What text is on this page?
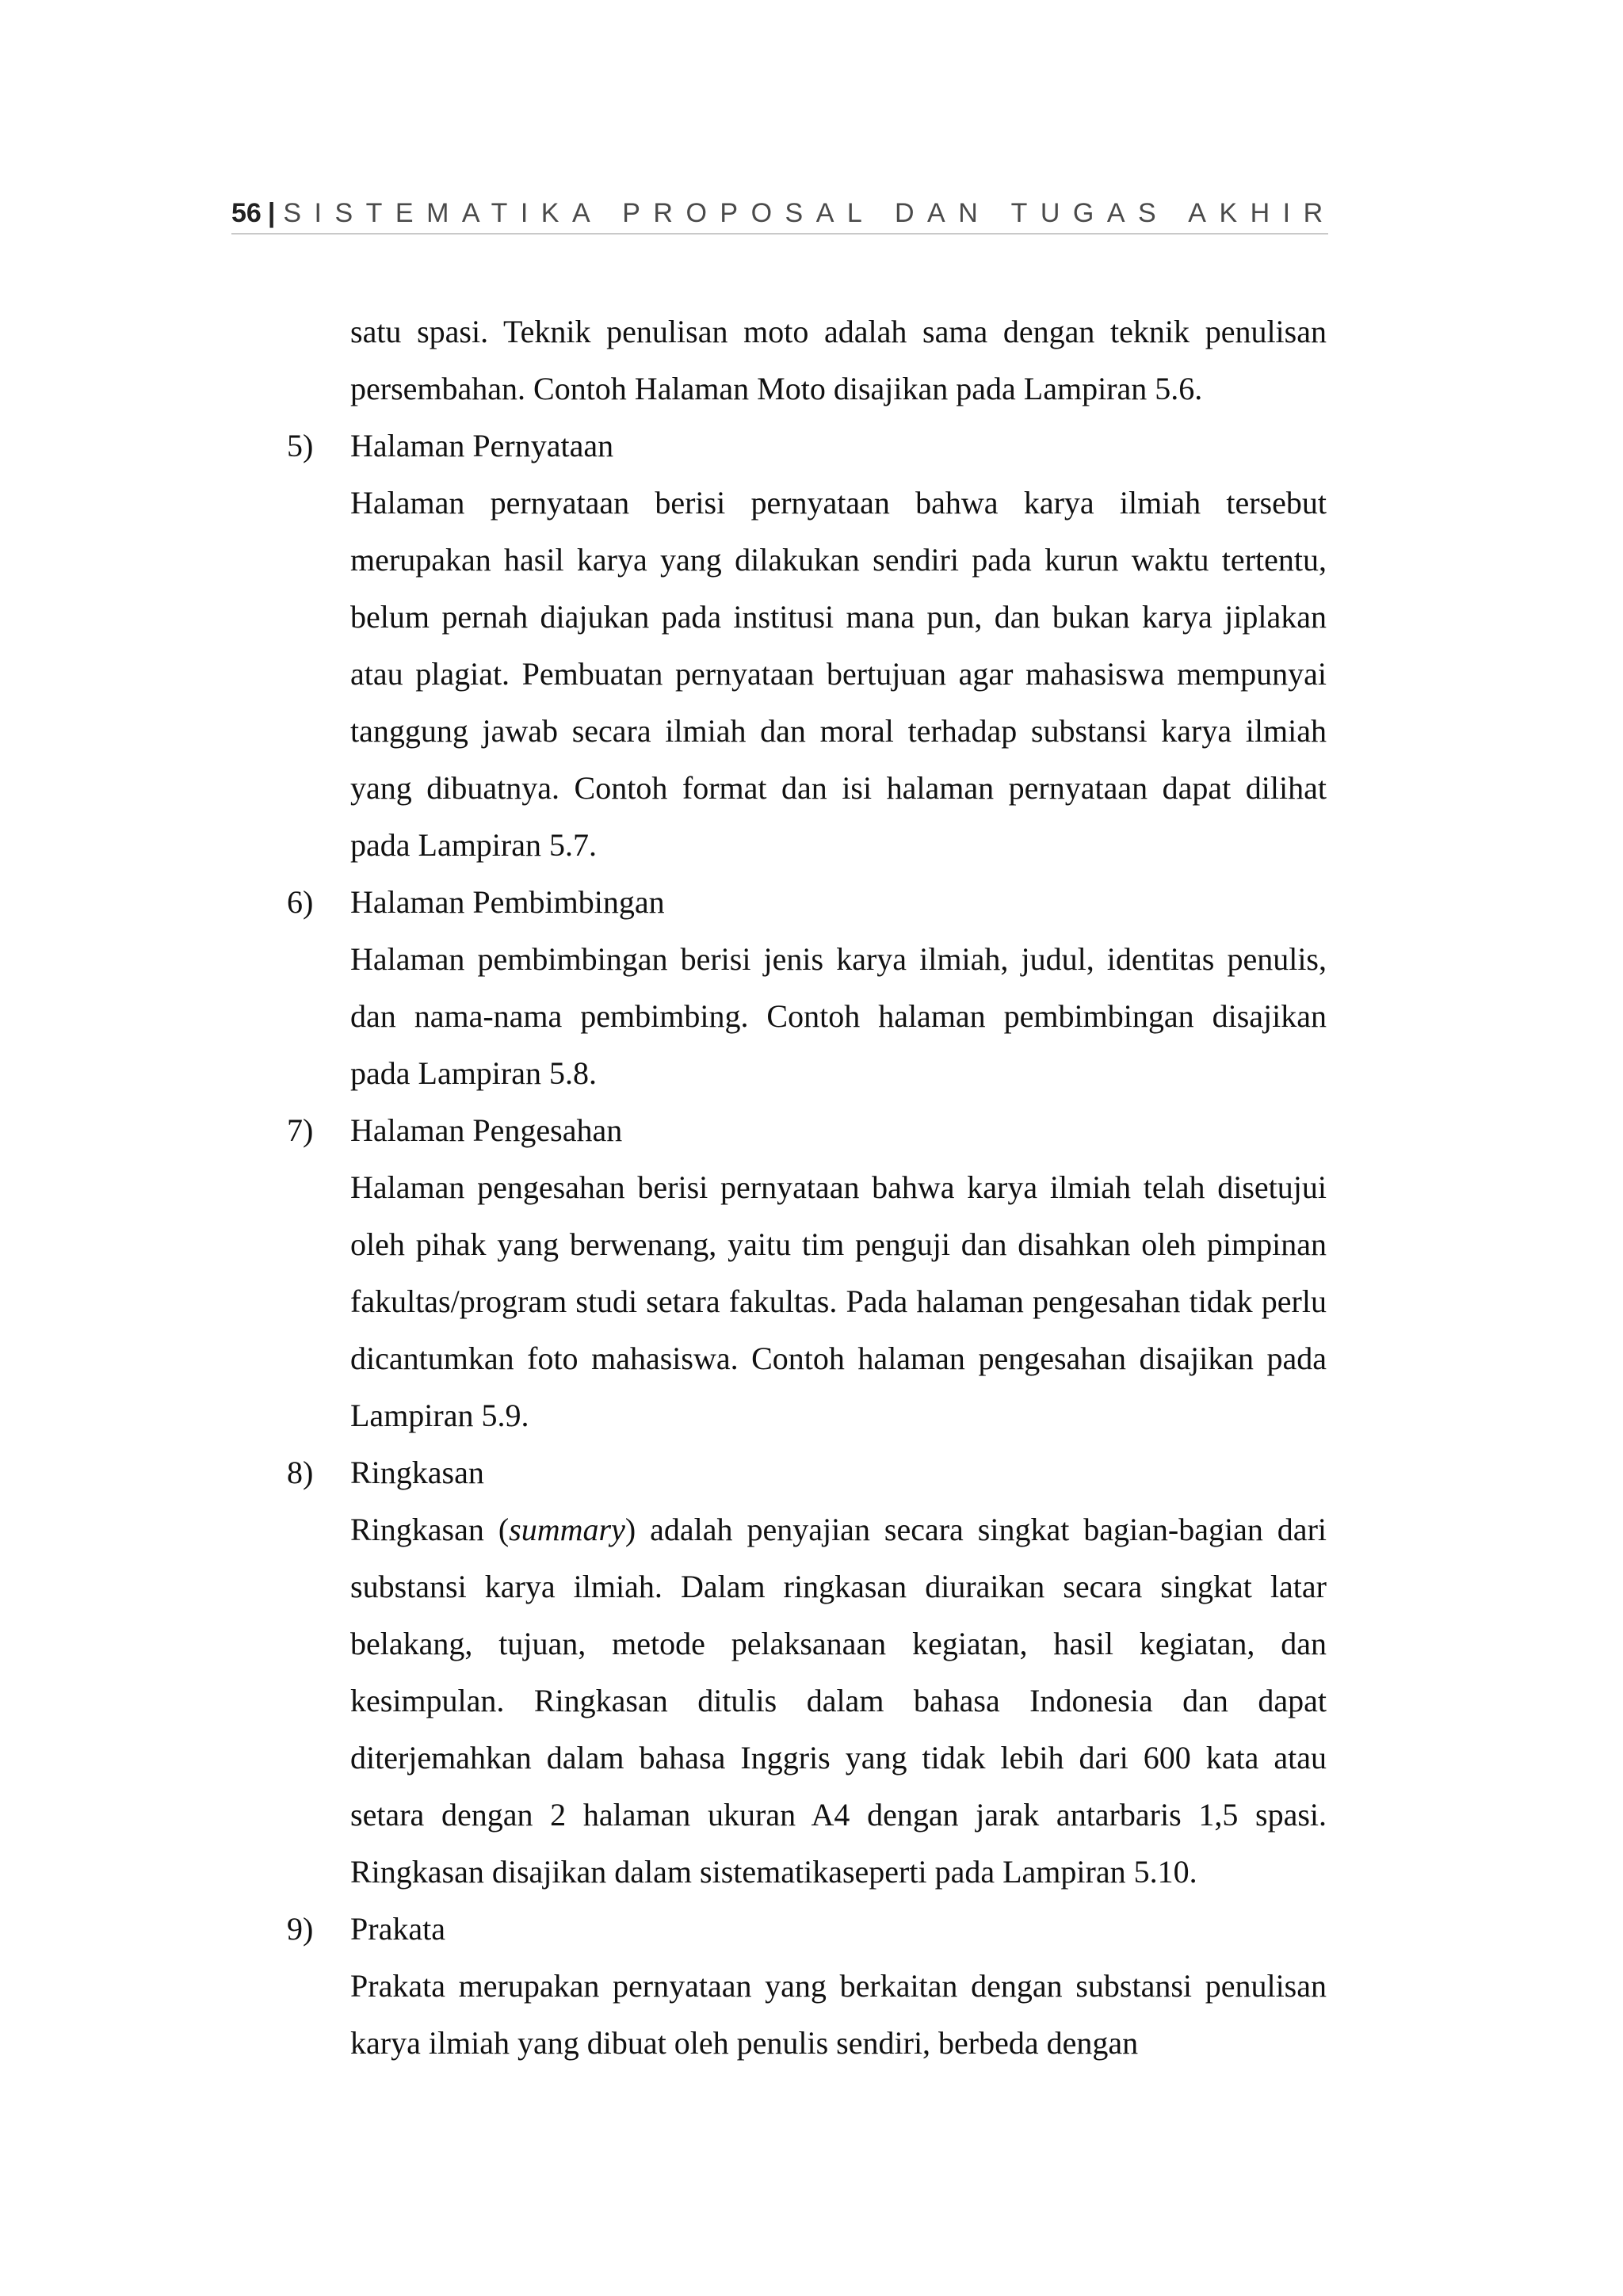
56 | SISTEMATIKA PROPOSAL DAN TUGAS AKHIR

satu spasi. Teknik penulisan moto adalah sama dengan teknik penulisan persembahan. Contoh Halaman Moto disajikan pada Lampiran 5.6.

5) Halaman Pernyataan

Halaman pernyataan berisi pernyataan bahwa karya ilmiah tersebut merupakan hasil karya yang dilakukan sendiri pada kurun waktu tertentu, belum pernah diajukan pada institusi mana pun, dan bukan karya jiplakan atau plagiat. Pembuatan pernyataan bertujuan agar mahasiswa mempunyai tanggung jawab secara ilmiah dan moral terhadap substansi karya ilmiah yang dibuatnya. Contoh format dan isi halaman pernyataan dapat dilihat pada Lampiran 5.7.

6) Halaman Pembimbingan

Halaman pembimbingan berisi jenis karya ilmiah, judul, identitas penulis, dan nama-nama pembimbing. Contoh halaman pembimbingan disajikan pada Lampiran 5.8.

7) Halaman Pengesahan

Halaman pengesahan berisi pernyataan bahwa karya ilmiah telah disetujui oleh pihak yang berwenang, yaitu tim penguji dan disahkan oleh pimpinan fakultas/program studi setara fakultas. Pada halaman pengesahan tidak perlu dicantumkan foto mahasiswa. Contoh halaman pengesahan disajikan pada Lampiran 5.9.

8) Ringkasan

Ringkasan (summary) adalah penyajian secara singkat bagian-bagian dari substansi karya ilmiah. Dalam ringkasan diuraikan secara singkat latar belakang, tujuan, metode pelaksanaan kegiatan, hasil kegiatan, dan kesimpulan. Ringkasan ditulis dalam bahasa Indonesia dan dapat diterjemahkan dalam bahasa Inggris yang tidak lebih dari 600 kata atau setara dengan 2 halaman ukuran A4 dengan jarak antarbaris 1,5 spasi. Ringkasan disajikan dalam sistematikaseperti pada Lampiran 5.10.

9) Prakata

Prakata merupakan pernyataan yang berkaitan dengan substansi penulisan karya ilmiah yang dibuat oleh penulis sendiri, berbeda dengan
